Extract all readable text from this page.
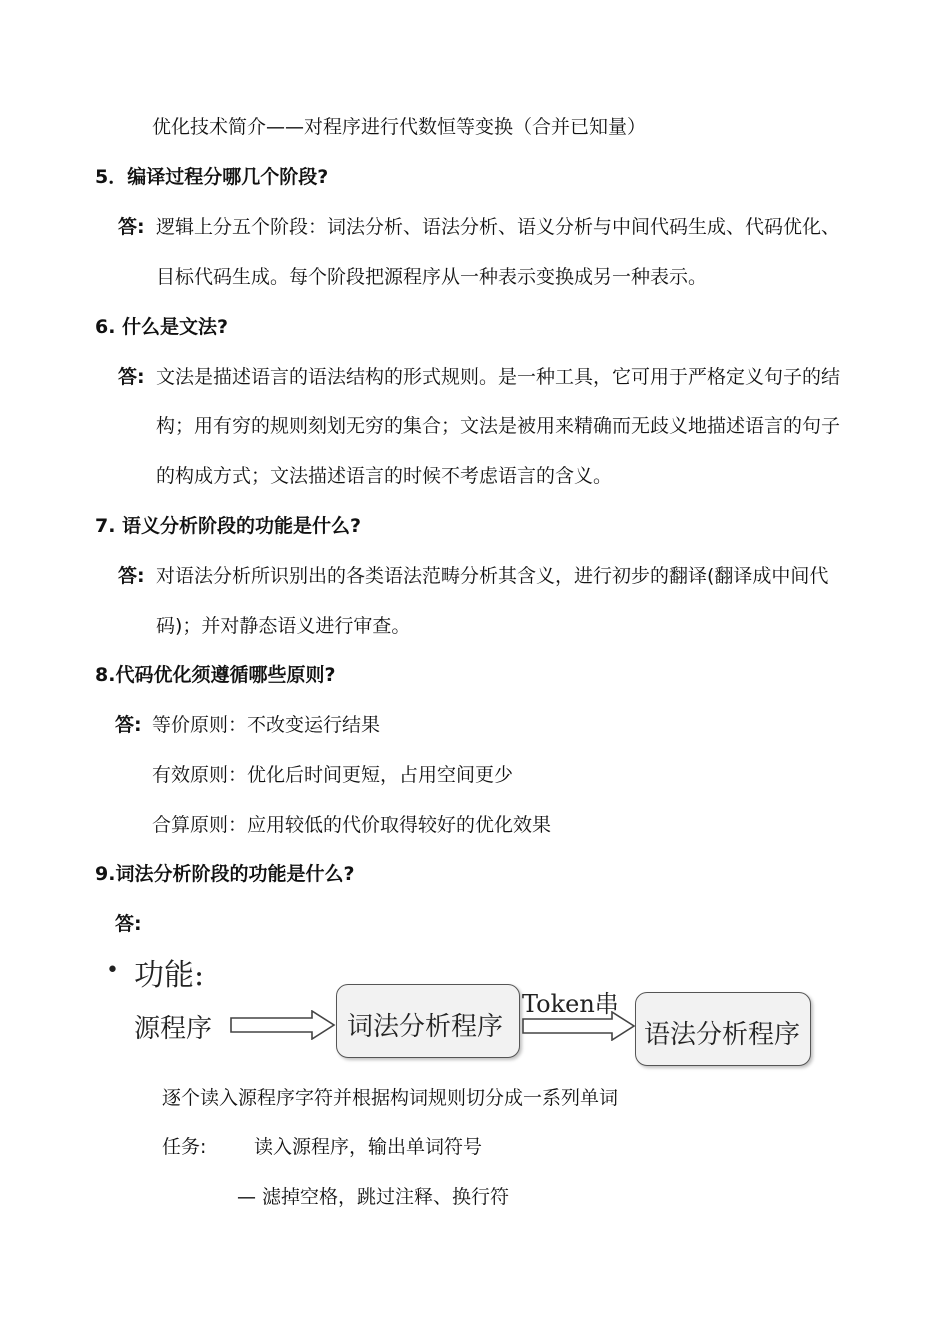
优化技术简介——对程序进行代数恒等变换（合并已知量）
5．编译过程分哪几个阶段?
答: 逻辑上分五个阶段：词法分析、语法分析、语义分析与中间代码生成、代码优化、
目标代码生成。每个阶段把源程序从一种表示变换成另一种表示。
6. 什么是文法?
答: 文法是描述语言的语法结构的形式规则。是一种工具，它可用于严格定义句子的结
构；用有穷的规则刻划无穷的集合；文法是被用来精确而无歧义地描述语言的句子
的构成方式；文法描述语言的时候不考虑语言的含义。
7. 语义分析阶段的功能是什么?
答: 对语法分析所识别出的各类语法范畴分析其含义，进行初步的翻译(翻译成中间代
码)；并对静态语义进行审查。
8.代码优化须遵循哪些原则?
答: 等价原则：不改变运行结果
有效原则：优化后时间更短，占用空间更少
合算原则：应用较低的代价取得较好的优化效果
9.词法分析阶段的功能是什么?
答:
• 功能:
源程序	词法分析程序
Token串
语法分析程序
逐个读入源程序字符并根据构词规则切分成一系列单词
任务:	读入源程序，输出单词符号
— 滤掉空格，跳过注释、换行符
